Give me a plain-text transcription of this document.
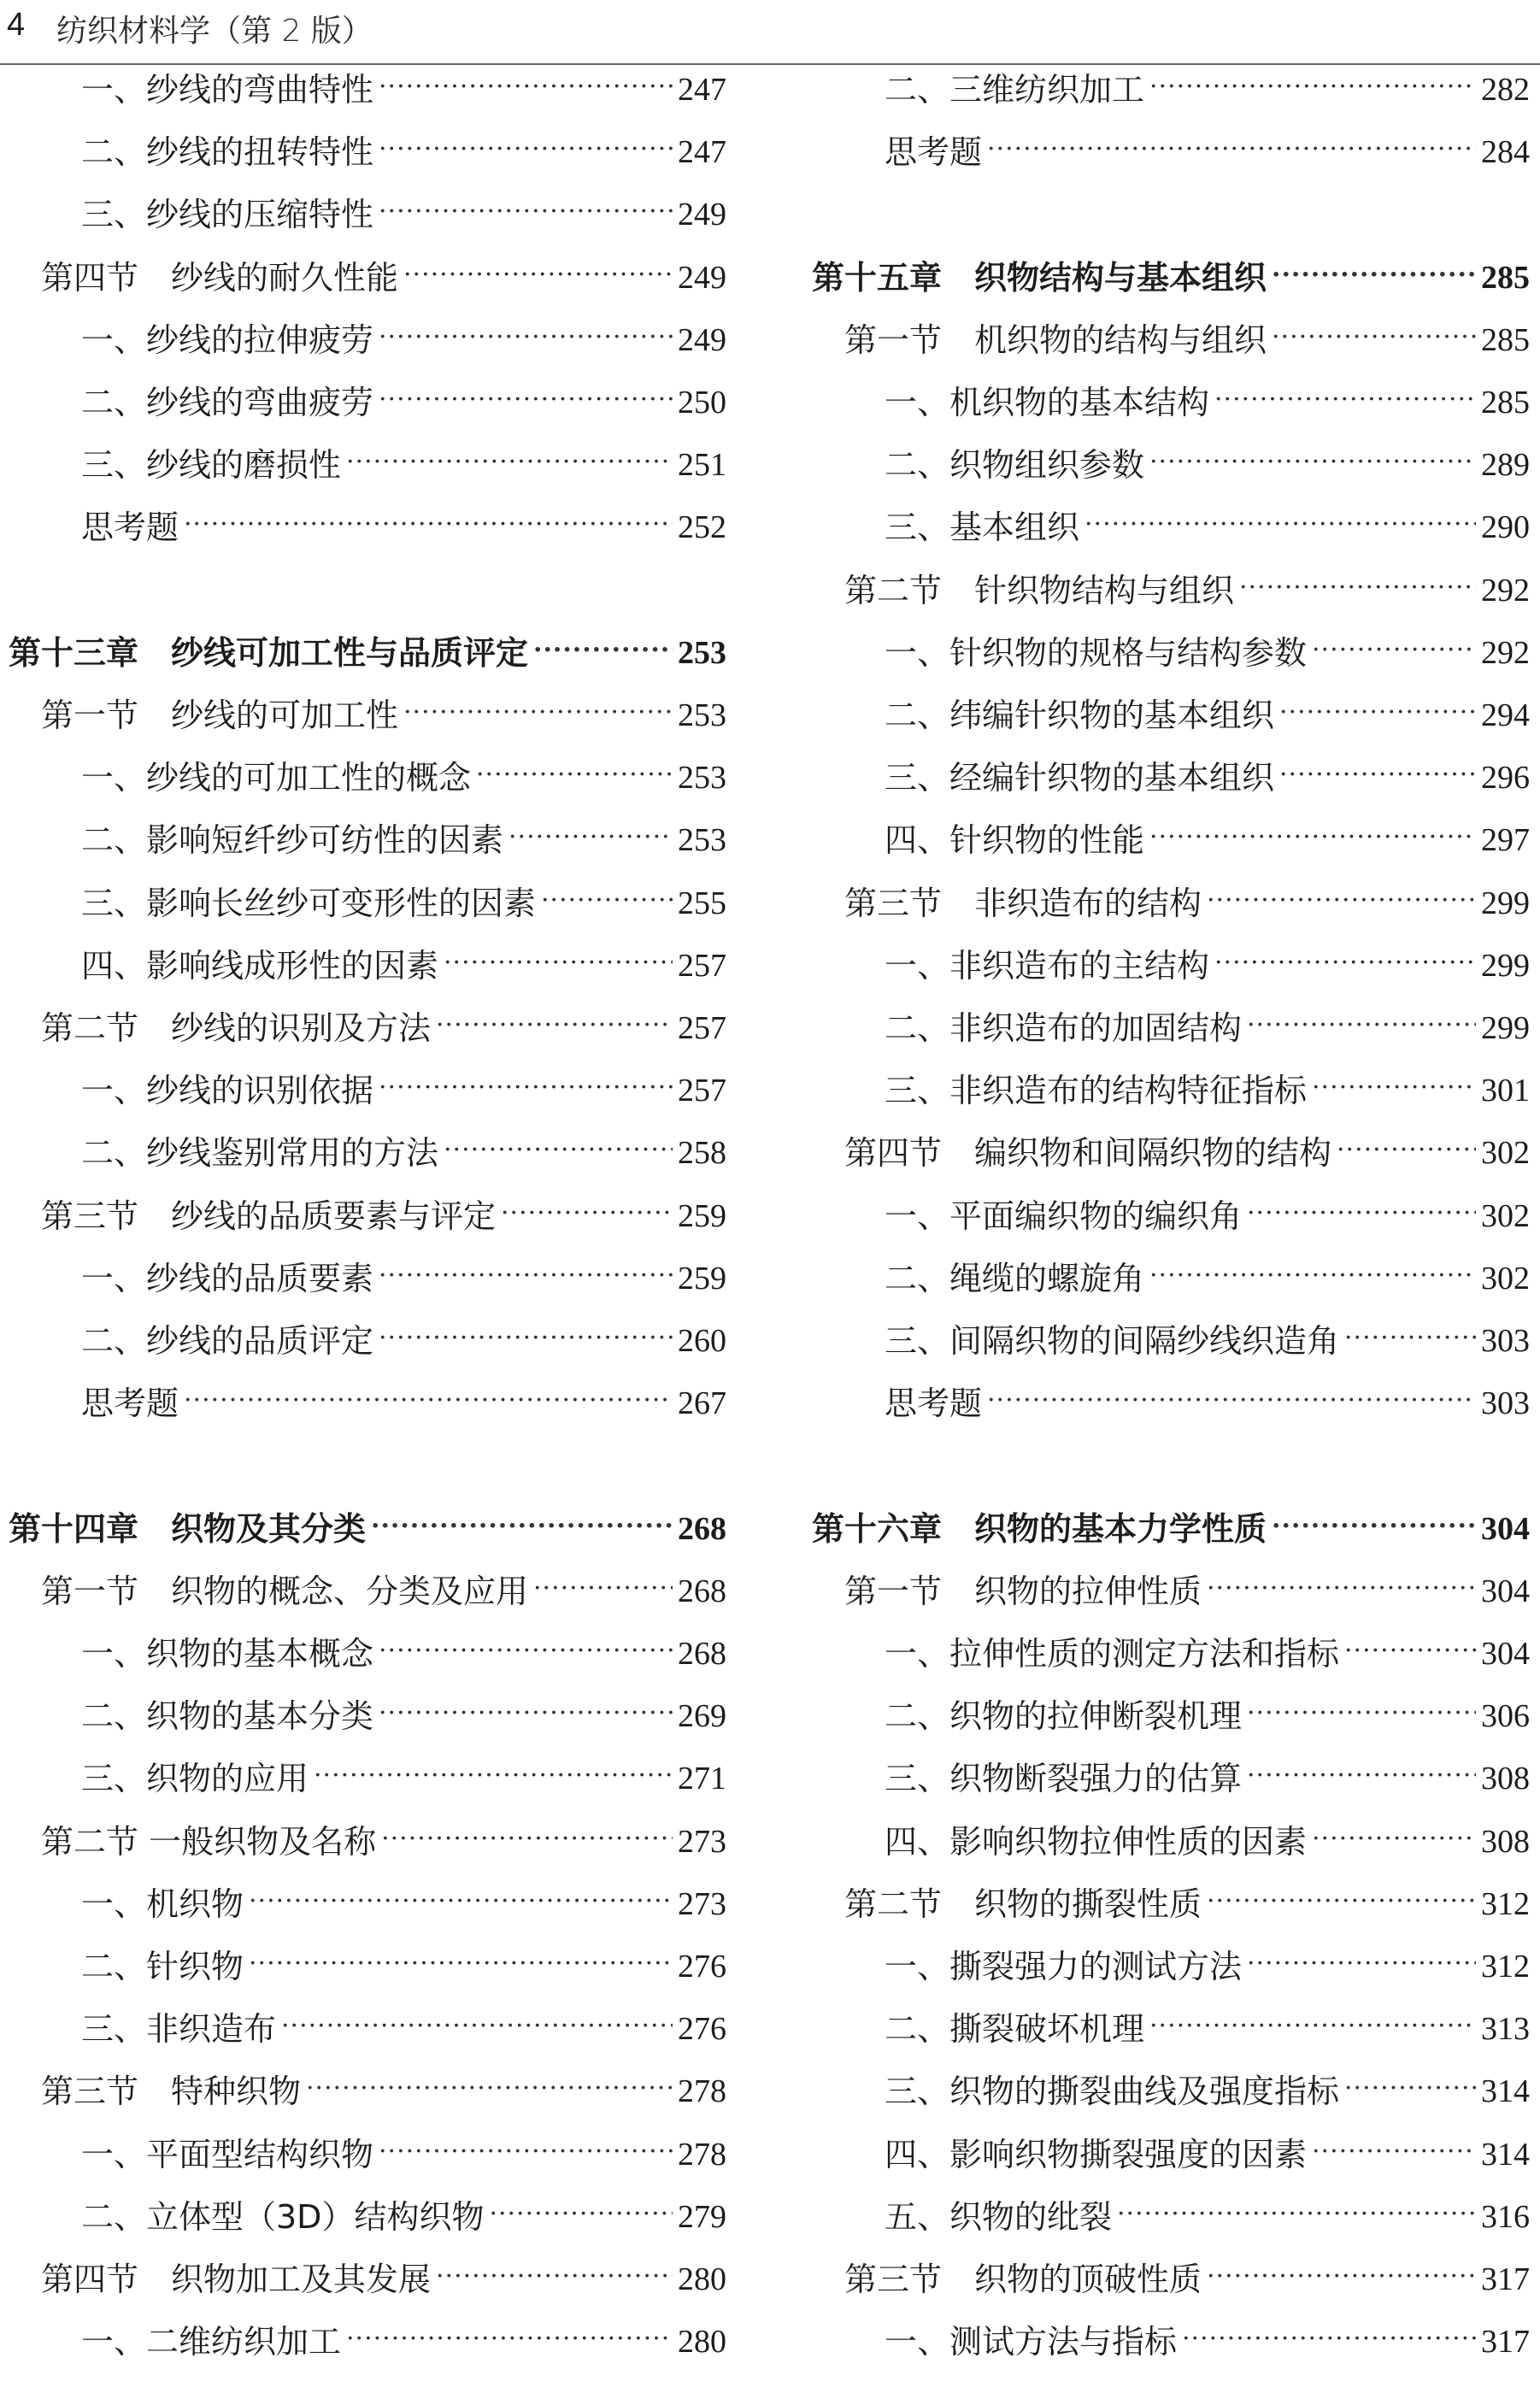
4 纺织材料学（第 2 版）
一、纱线的弯曲特性 ·····	247
二、纱线的扭转特性 ·····	247
三、纱线的压缩特性 ·····	249
第四节　纱线的耐久性能 ·····	249
一、纱线的拉伸疲劳 ·····	249
二、纱线的弯曲疲劳 ·····	250
三、纱线的磨损性 ·····	251
思考题 ·····	252
第十三章　纱线可加工性与品质评定 ·····	253
第一节　纱线的可加工性 ·····	253
一、纱线的可加工性的概念 ·····	253
二、影响短纤纱可纺性的因素 ·····	253
三、影响长丝纱可变形性的因素 ·····	255
四、影响线成形性的因素 ·····	257
第二节　纱线的识别及方法 ·····	257
一、纱线的识别依据 ·····	257
二、纱线鉴别常用的方法 ·····	258
第三节　纱线的品质要素与评定 ·····	259
一、纱线的品质要素 ·····	259
二、纱线的品质评定 ·····	260
思考题 ·····	267
第十四章　织物及其分类 ·····	268
第一节　织物的概念、分类及应用 ·····	268
一、织物的基本概念 ·····	268
二、织物的基本分类 ·····	269
三、织物的应用 ·····	271
第二节 一般织物及名称 ·····	273
一、机织物 ·····	273
二、针织物 ·····	276
三、非织造布 ·····	276
第三节　特种织物 ·····	278
一、平面型结构织物 ·····	278
二、立体型（3D）结构织物 ·····	279
第四节　织物加工及其发展 ·····	280
一、二维纺织加工 ·····	280
二、三维纺织加工 ·····	282
思考题 ·····	284
第十五章　织物结构与基本组织 ·····	285
第一节　机织物的结构与组织 ·····	285
一、机织物的基本结构 ·····	285
二、织物组织参数 ·····	289
三、基本组织 ·····	290
第二节　针织物结构与组织 ·····	292
一、针织物的规格与结构参数 ·····	292
二、纬编针织物的基本组织 ·····	294
三、经编针织物的基本组织 ·····	296
四、针织物的性能 ·····	297
第三节　非织造布的结构 ·····	299
一、非织造布的主结构 ·····	299
二、非织造布的加固结构 ·····	299
三、非织造布的结构特征指标 ·····	301
第四节　编织物和间隔织物的结构 ·····	302
一、平面编织物的编织角 ·····	302
二、绳缆的螺旋角 ·····	302
三、间隔织物的间隔纱线织造角 ·····	303
思考题 ·····	303
第十六章　织物的基本力学性质 ·····	304
第一节　织物的拉伸性质 ·····	304
一、拉伸性质的测定方法和指标 ·····	304
二、织物的拉伸断裂机理 ·····	306
三、织物断裂强力的估算 ·····	308
四、影响织物拉伸性质的因素 ·····	308
第二节　织物的撕裂性质 ·····	312
一、撕裂强力的测试方法 ·····	312
二、撕裂破坏机理 ·····	313
三、织物的撕裂曲线及强度指标 ·····	314
四、影响织物撕裂强度的因素 ·····	314
五、织物的纰裂 ·····	316
第三节　织物的顶破性质 ·····	317
一、测试方法与指标 ·····	317
